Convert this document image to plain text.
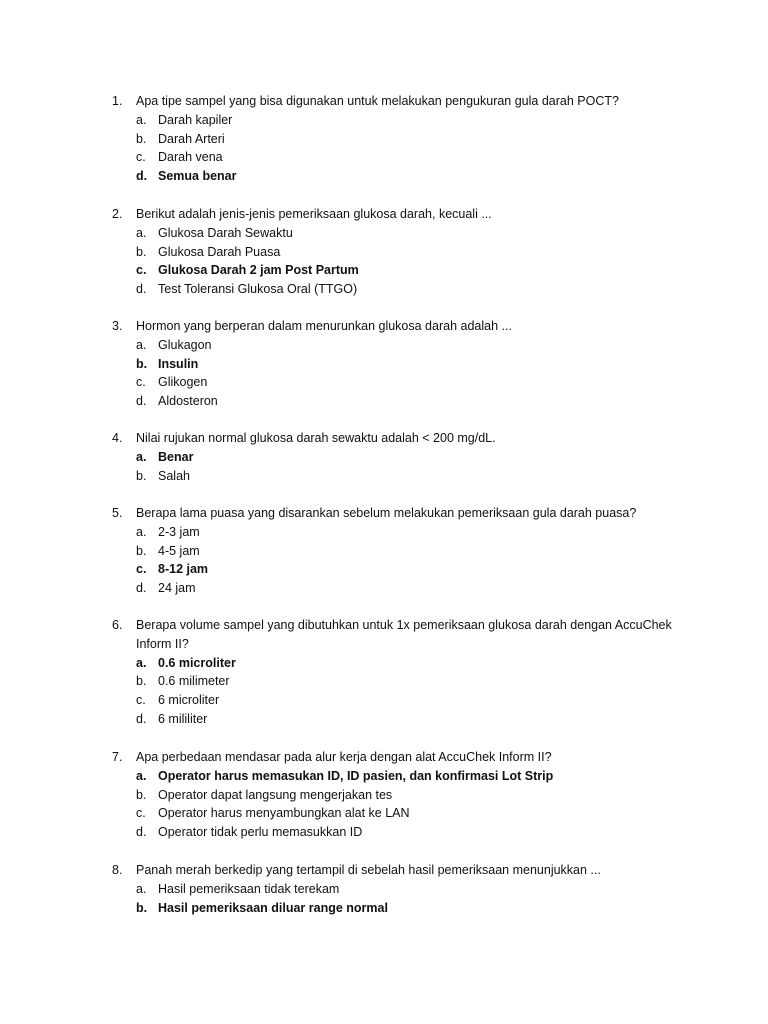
1.	Apa tipe sampel yang bisa digunakan untuk melakukan pengukuran gula darah POCT?
a. Darah kapiler
b. Darah Arteri
c. Darah vena
d. Semua benar
2.	Berikut adalah jenis-jenis pemeriksaan glukosa darah, kecuali ...
a. Glukosa Darah Sewaktu
b. Glukosa Darah Puasa
c. Glukosa Darah 2 jam Post Partum
d. Test Toleransi Glukosa Oral (TTGO)
3.	Hormon yang berperan dalam menurunkan glukosa darah adalah ...
a. Glukagon
b. Insulin
c. Glikogen
d. Aldosteron
4.	Nilai rujukan normal glukosa darah sewaktu adalah < 200 mg/dL.
a. Benar
b. Salah
5.	Berapa lama puasa yang disarankan sebelum melakukan pemeriksaan gula darah puasa?
a. 2-3 jam
b. 4-5 jam
c. 8-12 jam
d. 24 jam
6.	Berapa volume sampel yang dibutuhkan untuk 1x pemeriksaan glukosa darah dengan AccuChek Inform II?
a. 0.6 microliter
b. 0.6 milimeter
c. 6 microliter
d. 6 mililiter
7.	Apa perbedaan mendasar pada alur kerja dengan alat AccuChek Inform II?
a. Operator harus memasukan ID, ID pasien, dan konfirmasi Lot Strip
b. Operator dapat langsung mengerjakan tes
c. Operator harus menyambungkan alat ke LAN
d. Operator tidak perlu memasukkan ID
8.	Panah merah berkedip yang tertampil di sebelah hasil pemeriksaan menunjukkan ...
a. Hasil pemeriksaan tidak terekam
b. Hasil pemeriksaan diluar range normal
